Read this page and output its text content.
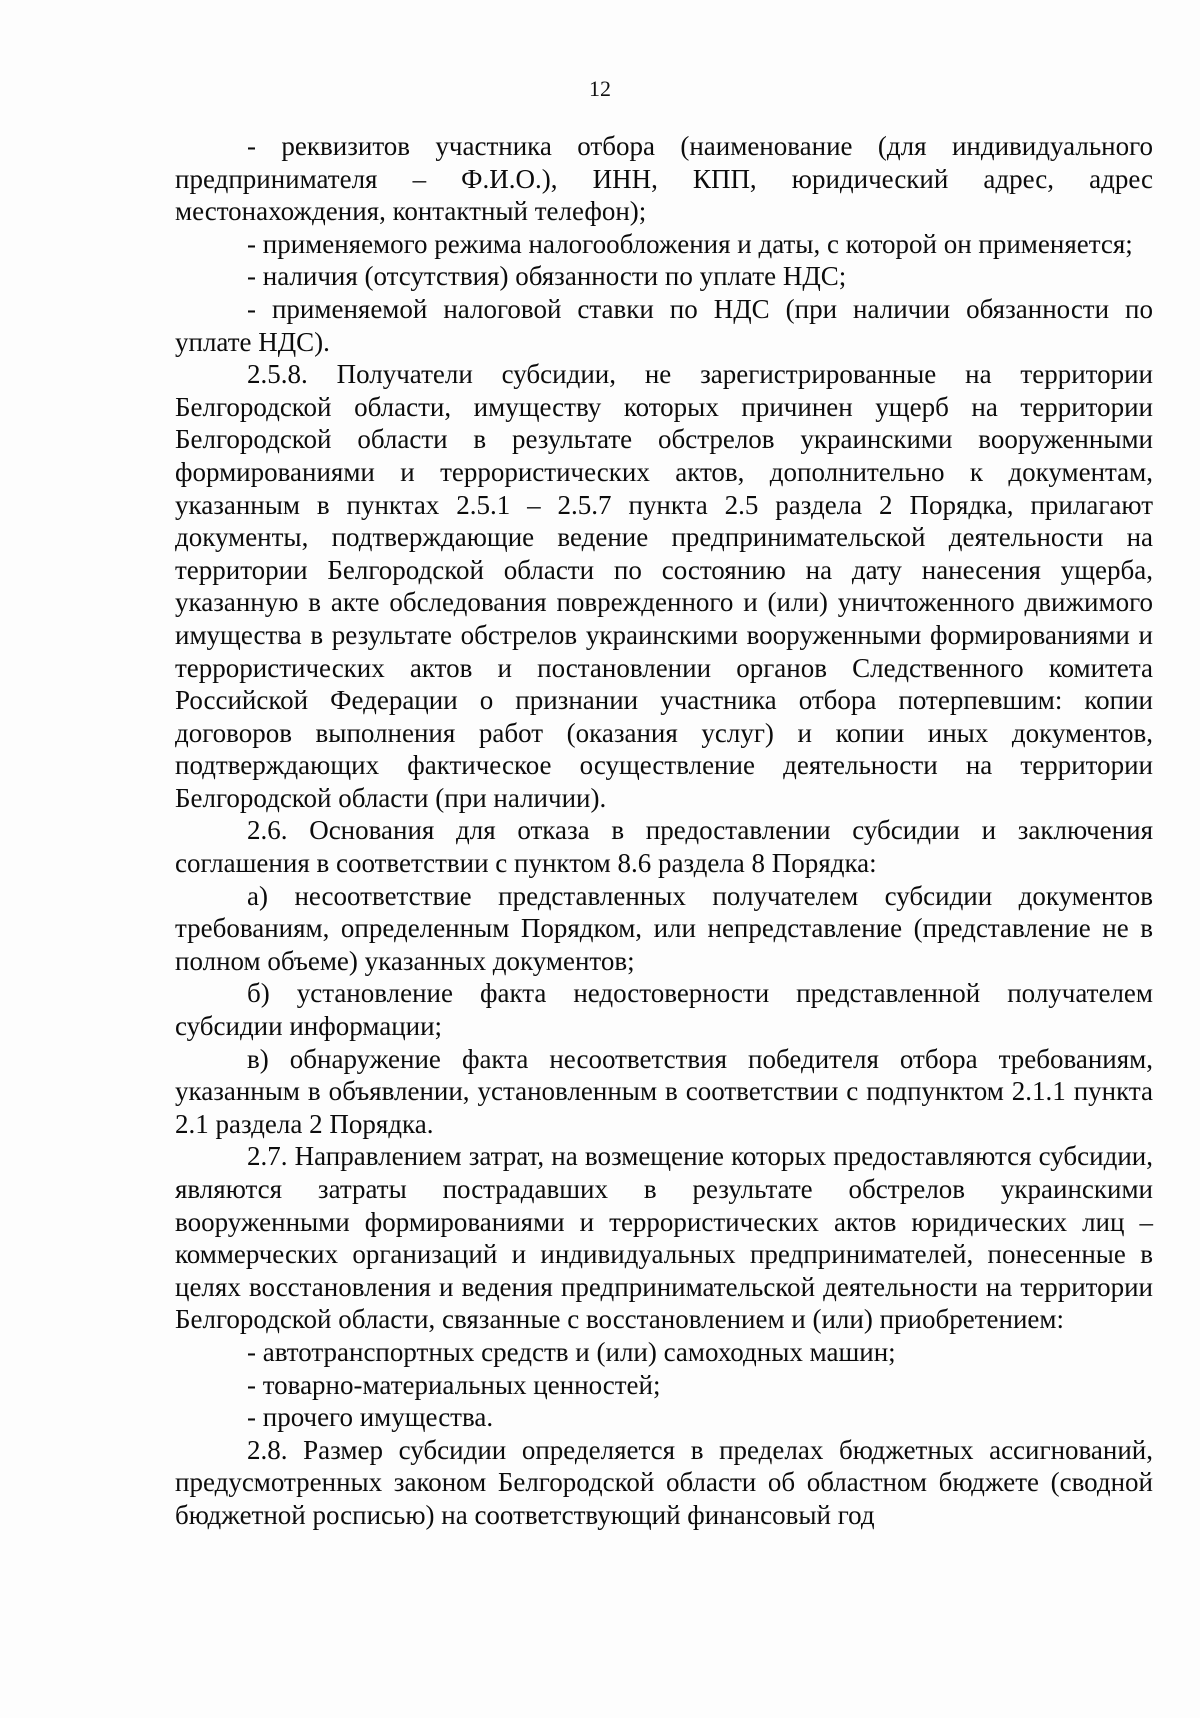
12

- реквизитов участника отбора (наименование (для индивидуального предпринимателя – Ф.И.О.), ИНН, КПП, юридический адрес, адрес местонахождения, контактный телефон);

- применяемого режима налогообложения и даты, с которой он применяется;

- наличия (отсутствия) обязанности по уплате НДС;

- применяемой налоговой ставки по НДС (при наличии обязанности по уплате НДС).

2.5.8. Получатели субсидии, не зарегистрированные на территории Белгородской области, имуществу которых причинен ущерб на территории Белгородской области в результате обстрелов украинскими вооруженными формированиями и террористических актов, дополнительно к документам, указанным в пунктах 2.5.1 – 2.5.7 пункта 2.5 раздела 2 Порядка, прилагают документы, подтверждающие ведение предпринимательской деятельности на территории Белгородской области по состоянию на дату нанесения ущерба, указанную в акте обследования поврежденного и (или) уничтоженного движимого имущества в результате обстрелов украинскими вооруженными формированиями и террористических актов и постановлении органов Следственного комитета Российской Федерации о признании участника отбора потерпевшим: копии договоров выполнения работ (оказания услуг) и копии иных документов, подтверждающих фактическое осуществление деятельности на территории Белгородской области (при наличии).

2.6. Основания для отказа в предоставлении субсидии и заключения соглашения в соответствии с пунктом 8.6 раздела 8 Порядка:

а) несоответствие представленных получателем субсидии документов требованиям, определенным Порядком, или непредставление (представление не в полном объеме) указанных документов;

б) установление факта недостоверности представленной получателем субсидии информации;

в) обнаружение факта несоответствия победителя отбора требованиям, указанным в объявлении, установленным в соответствии с подпунктом 2.1.1 пункта 2.1 раздела 2 Порядка.

2.7. Направлением затрат, на возмещение которых предоставляются субсидии, являются затраты пострадавших в результате обстрелов украинскими вооруженными формированиями и террористических актов юридических лиц – коммерческих организаций и индивидуальных предпринимателей, понесенные в целях восстановления и ведения предпринимательской деятельности на территории Белгородской области, связанные с восстановлением и (или) приобретением:

- автотранспортных средств и (или) самоходных машин;

- товарно-материальных ценностей;

- прочего имущества.

2.8. Размер субсидии определяется в пределах бюджетных ассигнований, предусмотренных законом Белгородской области об областном бюджете (сводной бюджетной росписью) на соответствующий финансовый год
